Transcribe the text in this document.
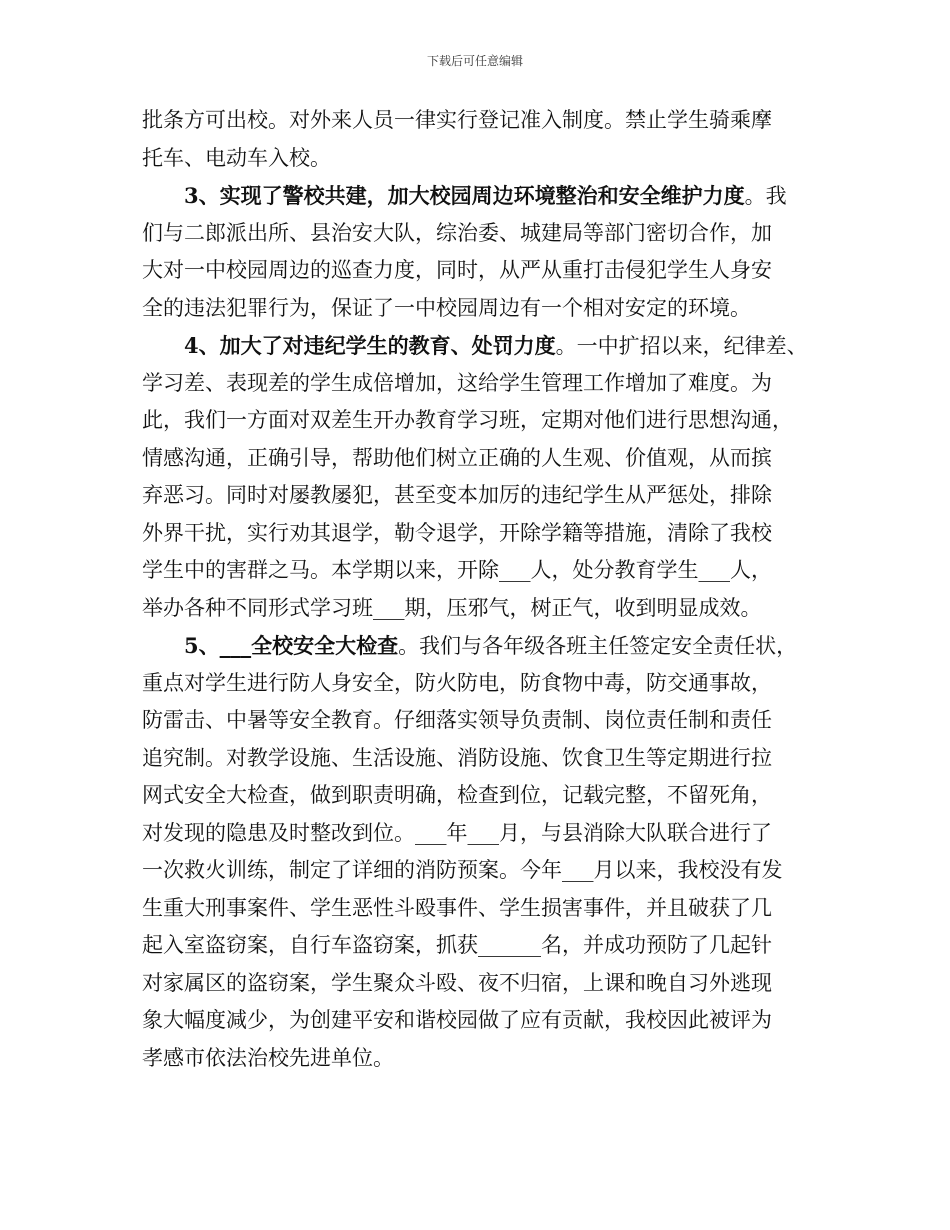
下载后可任意编辑
批条方可出校。对外来人员一律实行登记准入制度。禁止学生骑乘摩
托车、电动车入校。
3、实现了警校共建，加大校园周边环境整治和安全维护力度。我
们与二郎派出所、县治安大队，综治委、城建局等部门密切合作，加
大对一中校园周边的巡查力度，同时，从严从重打击侵犯学生人身安
全的违法犯罪行为，保证了一中校园周边有一个相对安定的环境。
4、加大了对违纪学生的教育、处罚力度。一中扩招以来，纪律差、
学习差、表现差的学生成倍增加，这给学生管理工作增加了难度。为
此，我们一方面对双差生开办教育学习班，定期对他们进行思想沟通，
情感沟通，正确引导，帮助他们树立正确的人生观、价值观，从而摈
弃恶习。同时对屡教屡犯，甚至变本加厉的违纪学生从严惩处，排除
外界干扰，实行劝其退学，勒令退学，开除学籍等措施，清除了我校
学生中的害群之马。本学期以来，开除___人，处分教育学生___人，
举办各种不同形式学习班___期，压邪气，树正气，收到明显成效。
5、___全校安全大检查。我们与各年级各班主任签定安全责任状，
重点对学生进行防人身安全，防火防电，防食物中毒，防交通事故，
防雷击、中暑等安全教育。仔细落实领导负责制、岗位责任制和责任
追究制。对教学设施、生活设施、消防设施、饮食卫生等定期进行拉
网式安全大检查，做到职责明确，检查到位，记载完整，不留死角，
对发现的隐患及时整改到位。___年___月，与县消除大队联合进行了
一次救火训练，制定了详细的消防预案。今年___月以来，我校没有发
生重大刑事案件、学生恶性斗殴事件、学生损害事件，并且破获了几
起入室盗窃案，自行车盗窃案，抓获______名，并成功预防了几起针
对家属区的盗窃案，学生聚众斗殴、夜不归宿，上课和晚自习外逃现
象大幅度减少，为创建平安和谐校园做了应有贡献，我校因此被评为
孝感市依法治校先进单位。
